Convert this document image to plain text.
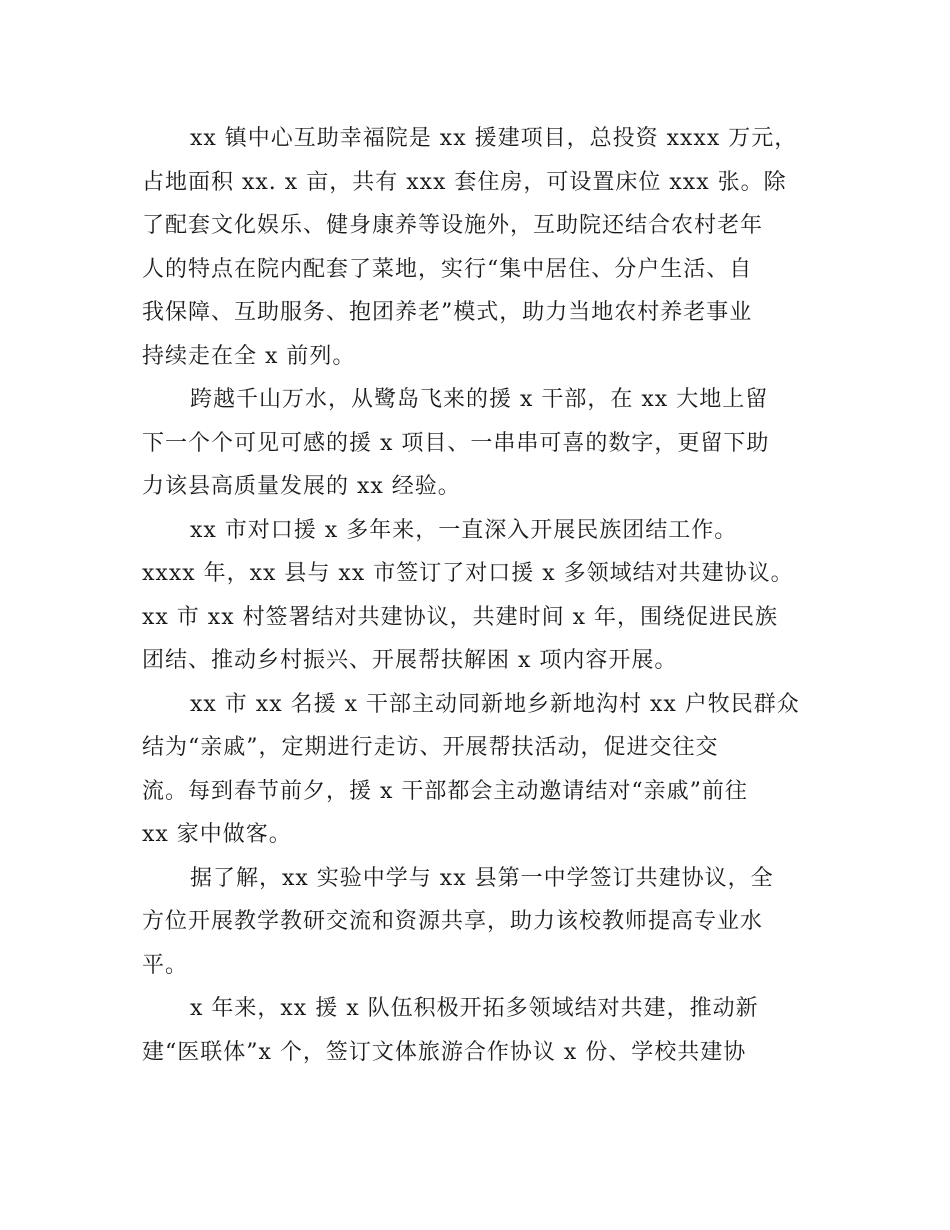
xx 镇中心互助幸福院是 xx 援建项目，总投资 xxxx 万元，
占地面积 xx. x 亩，共有 xxx 套住房，可设置床位 xxx 张。除
了配套文化娱乐、健身康养等设施外，互助院还结合农村老年
人的特点在院内配套了菜地，实行“集中居住、分户生活、自
我保障、互助服务、抱团养老”模式，助力当地农村养老事业
持续走在全 x 前列。
跨越千山万水，从鹭岛飞来的援 x 干部，在 xx 大地上留
下一个个可见可感的援 x 项目、一串串可喜的数字，更留下助
力该县高质量发展的 xx 经验。
xx 市对口援 x 多年来，一直深入开展民族团结工作。
xxxx 年，xx 县与 xx 市签订了对口援 x 多领域结对共建协议。
xx 市 xx 村签署结对共建协议，共建时间 x 年，围绕促进民族
团结、推动乡村振兴、开展帮扶解困 x 项内容开展。
xx 市 xx 名援 x 干部主动同新地乡新地沟村 xx 户牧民群众
结为“亲戚”，定期进行走访、开展帮扶活动，促进交往交
流。每到春节前夕，援 x 干部都会主动邀请结对“亲戚”前往
xx 家中做客。
据了解，xx 实验中学与 xx 县第一中学签订共建协议，全
方位开展教学教研交流和资源共享，助力该校教师提高专业水
平。
x 年来，xx 援 x 队伍积极开拓多领域结对共建，推动新
建“医联体”x 个，签订文体旅游合作协议 x 份、学校共建协
